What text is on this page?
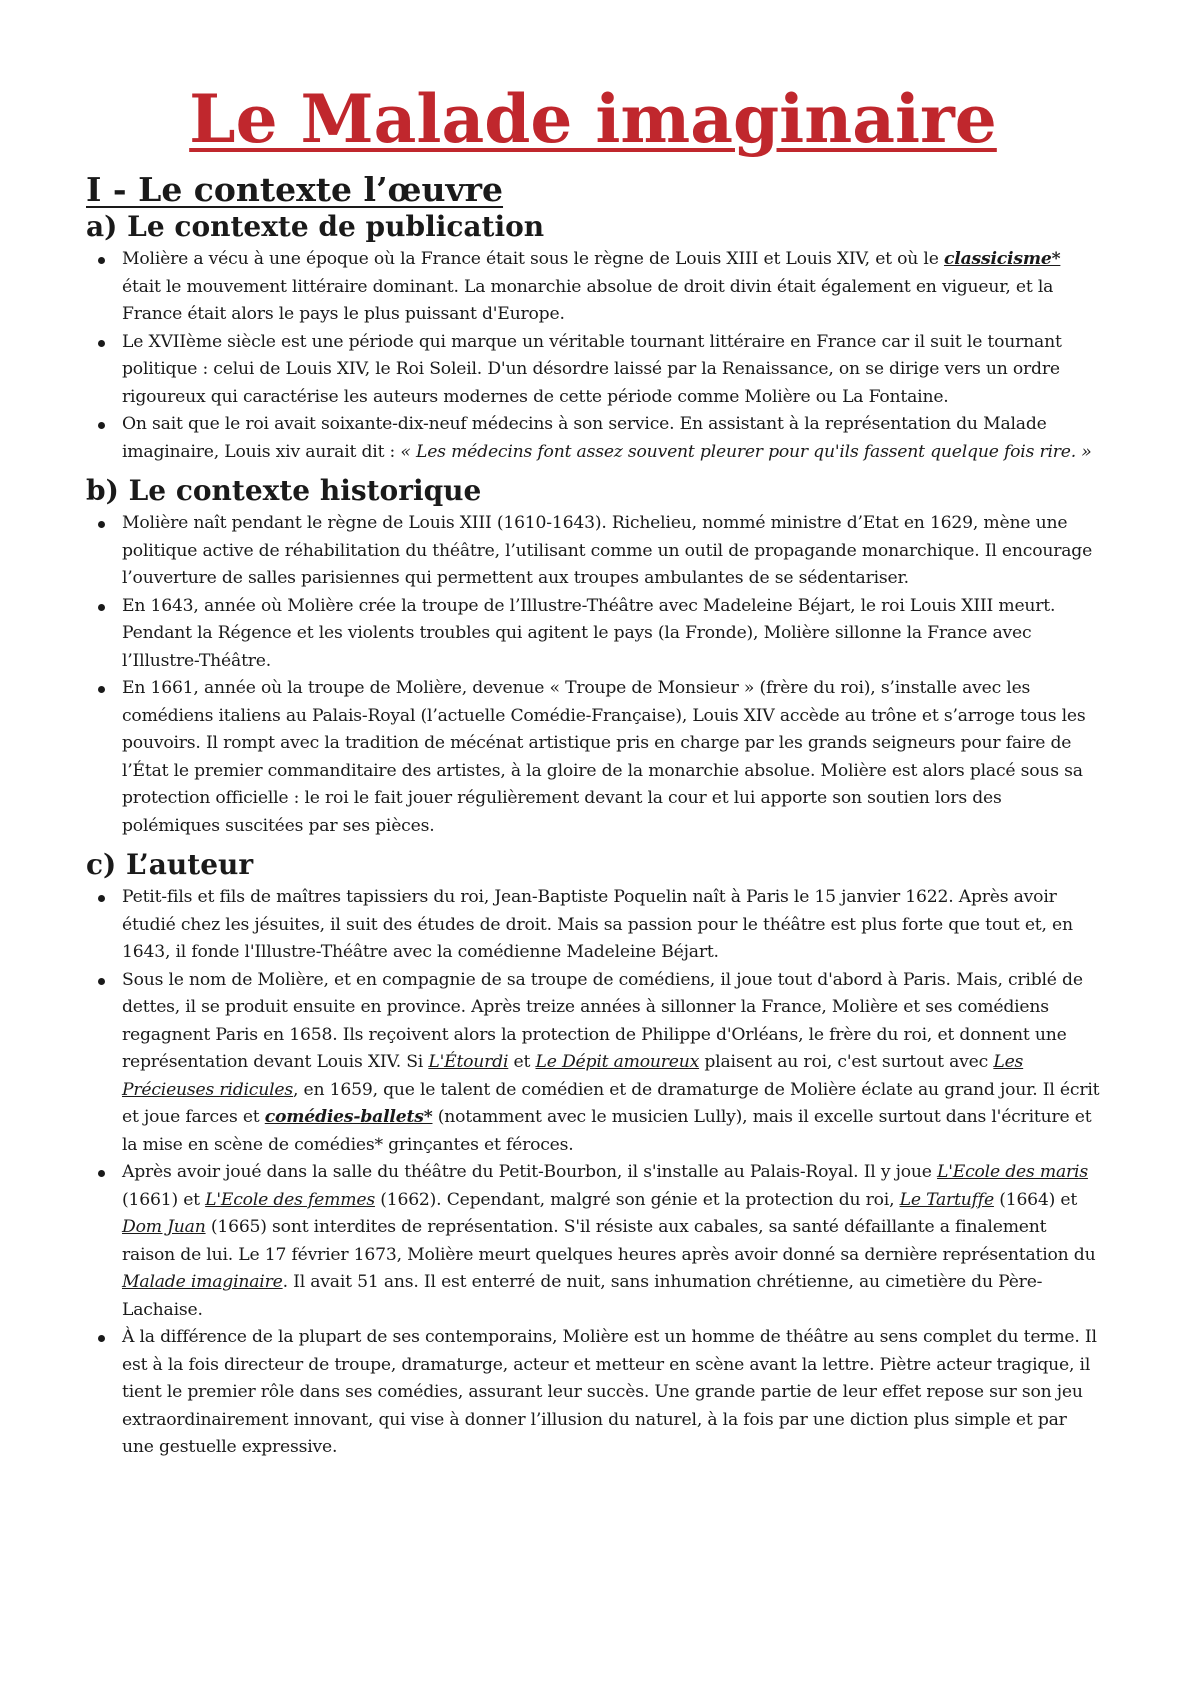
Le Malade imaginaire
I - Le contexte l’œuvre
a) Le contexte de publication
Molière a vécu à une époque où la France était sous le règne de Louis XIII et Louis XIV, et où le classicisme* était le mouvement littéraire dominant. La monarchie absolue de droit divin était également en vigueur, et la France était alors le pays le plus puissant d'Europe.
Le XVIIème siècle est une période qui marque un véritable tournant littéraire en France car il suit le tournant politique : celui de Louis XIV, le Roi Soleil. D'un désordre laissé par la Renaissance, on se dirige vers un ordre rigoureux qui caractérise les auteurs modernes de cette période comme Molière ou La Fontaine.
On sait que le roi avait soixante-dix-neuf médecins à son service. En assistant à la représentation du Malade imaginaire, Louis xiv aurait dit : « Les médecins font assez souvent pleurer pour qu'ils fassent quelque fois rire. »
b) Le contexte historique
Molière naît pendant le règne de Louis XIII (1610-1643). Richelieu, nommé ministre d’Etat en 1629, mène une politique active de réhabilitation du théâtre, l’utilisant comme un outil de propagande monarchique. Il encourage l’ouverture de salles parisiennes qui permettent aux troupes ambulantes de se sédentariser.
En 1643, année où Molière crée la troupe de l’Illustre-Théâtre avec Madeleine Béjart, le roi Louis XIII meurt. Pendant la Régence et les violents troubles qui agitent le pays (la Fronde), Molière sillonne la France avec l’Illustre-Théâtre.
En 1661, année où la troupe de Molière, devenue « Troupe de Monsieur » (frère du roi), s’installe avec les comédiens italiens au Palais-Royal (l’actuelle Comédie-Française), Louis XIV accède au trône et s’arroge tous les pouvoirs. Il rompt avec la tradition de mécénat artistique pris en charge par les grands seigneurs pour faire de l’État le premier commanditaire des artistes, à la gloire de la monarchie absolue. Molière est alors placé sous sa protection officielle : le roi le fait jouer régulièrement devant la cour et lui apporte son soutien lors des polémiques suscitées par ses pièces.
c) L’auteur
Petit-fils et fils de maîtres tapissiers du roi, Jean-Baptiste Poquelin naît à Paris le 15 janvier 1622. Après avoir étudié chez les jésuites, il suit des études de droit. Mais sa passion pour le théâtre est plus forte que tout et, en 1643, il fonde l'Illustre-Théâtre avec la comédienne Madeleine Béjart.
Sous le nom de Molière, et en compagnie de sa troupe de comédiens, il joue tout d'abord à Paris. Mais, criblé de dettes, il se produit ensuite en province. Après treize années à sillonner la France, Molière et ses comédiens regagnent Paris en 1658. Ils reçoivent alors la protection de Philippe d'Orléans, le frère du roi, et donnent une représentation devant Louis XIV. Si L'Étourdi et Le Dépit amoureux plaisent au roi, c'est surtout avec Les Précieuses ridicules, en 1659, que le talent de comédien et de dramaturge de Molière éclate au grand jour. Il écrit et joue farces et comédies-ballets* (notamment avec le musicien Lully), mais il excelle surtout dans l'écriture et la mise en scène de comédies* grinçantes et féroces.
Après avoir joué dans la salle du théâtre du Petit-Bourbon, il s'installe au Palais-Royal. Il y joue L'Ecole des maris (1661) et L'Ecole des femmes (1662). Cependant, malgré son génie et la protection du roi, Le Tartuffe (1664) et Dom Juan (1665) sont interdites de représentation. S'il résiste aux cabales, sa santé défaillante a finalement raison de lui. Le 17 février 1673, Molière meurt quelques heures après avoir donné sa dernière représentation du Malade imaginaire. Il avait 51 ans. Il est enterré de nuit, sans inhumation chrétienne, au cimetière du Père-Lachaise.
À la différence de la plupart de ses contemporains, Molière est un homme de théâtre au sens complet du terme. Il est à la fois directeur de troupe, dramaturge, acteur et metteur en scène avant la lettre. Piètre acteur tragique, il tient le premier rôle dans ses comédies, assurant leur succès. Une grande partie de leur effet repose sur son jeu extraordinairement innovant, qui vise à donner l’illusion du naturel, à la fois par une diction plus simple et par une gestuelle expressive.
